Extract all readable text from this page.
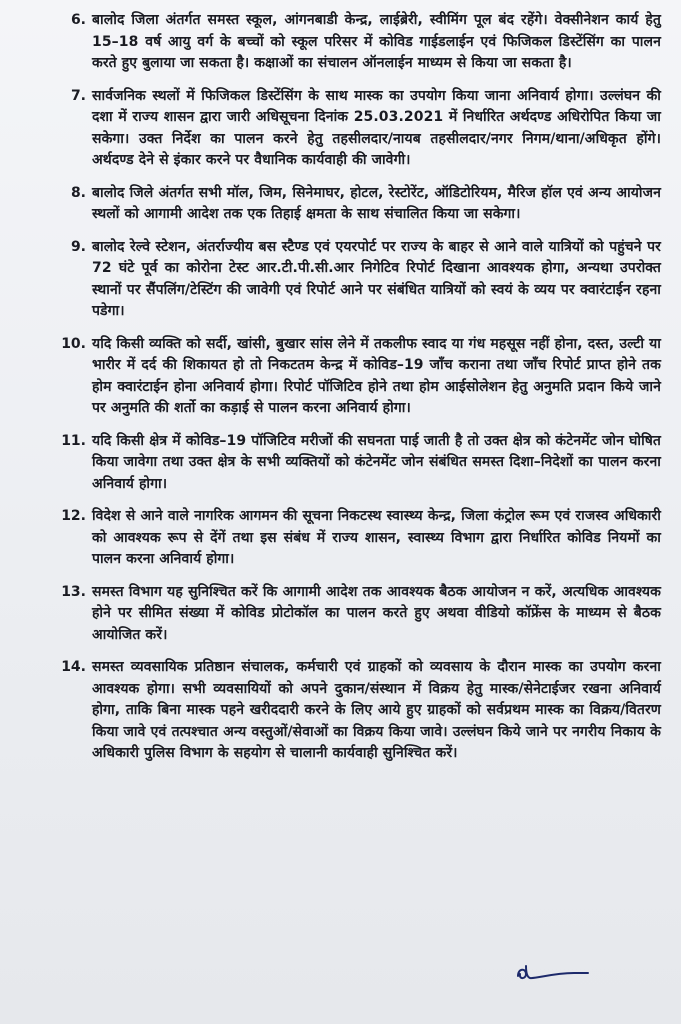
6. बालोद जिला अंतर्गत समस्त स्कूल, आंगनबाडी केन्द्र, लाईब्रेरी, स्वीमिंग पूल बंद रहेंगे। वेक्सीनेशन कार्य हेतु 15–18 वर्ष आयु वर्ग के बच्चों को स्कूल परिसर में कोविड गाईडलाईन एवं फिजिकल डिस्टेंसिंग का पालन करते हुए बुलाया जा सकता है। कक्षाओं का संचालन ऑनलाईन माध्यम से किया जा सकता है।
7. सार्वजनिक स्थलों में फिजिकल डिस्टेंसिंग के साथ मास्क का उपयोग किया जाना अनिवार्य होगा। उल्लंघन की दशा में राज्य शासन द्वारा जारी अधिसूचना दिनांक 25.03.2021 में निर्धारित अर्थदण्ड अधिरोपित किया जा सकेगा। उक्त निर्देश का पालन करने हेतु तहसीलदार/नायब तहसीलदार/नगर निगम/थाना/अधिकृत होंगे। अर्थदण्ड देने से इंकार करने पर वैधानिक कार्यवाही की जावेगी।
8. बालोद जिले अंतर्गत सभी मॉल, जिम, सिनेमाघर, होटल, रेस्टोरेंट, ऑडिटोरियम, मैरिज हॉल एवं अन्य आयोजन स्थलों को आगामी आदेश तक एक तिहाई क्षमता के साथ संचालित किया जा सकेगा।
9. बालोद रेल्वे स्टेशन, अंतर्राज्यीय बस स्टैण्ड एवं एयरपोर्ट पर राज्य के बाहर से आने वाले यात्रियों को पहुंचने पर 72 घंटे पूर्व का कोरोना टेस्ट आर.टी.पी.सी.आर निगेटिव रिपोर्ट दिखाना आवश्यक होगा, अन्यथा उपरोक्त स्थानों पर सैंपलिंग/टेस्टिंग की जावेगी एवं रिपोर्ट आने पर संबंधित यात्रियों को स्वयं के व्यय पर क्वारंटाईन रहना पडेगा।
10. यदि किसी व्यक्ति को सर्दी, खांसी, बुखार सांस लेने में तकलीफ स्वाद या गंध महसूस नहीं होना, दस्त, उल्टी या भारीर में दर्द की शिकायत हो तो निकटतम केन्द्र में कोविड–19 जाँच कराना तथा जाँच रिपोर्ट प्राप्त होने तक होम क्वारंटाईन होना अनिवार्य होगा। रिपोर्ट पॉजिटिव होने तथा होम आईसोलेशन हेतु अनुमति प्रदान किये जाने पर अनुमति की शर्तो का कड़ाई से पालन करना अनिवार्य होगा।
11. यदि किसी क्षेत्र में कोविड–19 पॉजिटिव मरीजों की सघनता पाई जाती है तो उक्त क्षेत्र को कंटेनमेंट जोन घोषित किया जावेगा तथा उक्त क्षेत्र के सभी व्यक्तियों को कंटेनमेंट जोन संबंधित समस्त दिशा–निदेशों का पालन करना अनिवार्य होगा।
12. विदेश से आने वाले नागरिक आगमन की सूचना निकटस्थ स्वास्थ्य केन्द्र, जिला कंट्रोल रूम एवं राजस्व अधिकारी को आवश्यक रूप से देंगें तथा इस संबंध में राज्य शासन, स्वास्थ्य विभाग द्वारा निर्धारित कोविड नियमों का पालन करना अनिवार्य होगा।
13. समस्त विभाग यह सुनिश्चित करें कि आगामी आदेश तक आवश्यक बैठक आयोजन न करें, अत्यधिक आवश्यक होने पर सीमित संख्या में कोविड प्रोटोकॉल का पालन करते हुए अथवा वीडियो कॉफ्रेंस के माध्यम से बैठक आयोजित करें।
14. समस्त व्यवसायिक प्रतिष्ठान संचालक, कर्मचारी एवं ग्राहकों को व्यवसाय के दौरान मास्क का उपयोग करना आवश्यक होगा। सभी व्यवसायियों को अपने दुकान/संस्थान में विक्रय हेतु मास्क/सेनेटाईजर रखना अनिवार्य होगा, ताकि बिना मास्क पहने खरीददारी करने के लिए आये हुए ग्राहकों को सर्वप्रथम मास्क का विक्रय/वितरण किया जावे एवं तत्पश्चात अन्य वस्तुओं/सेवाओं का विक्रय किया जावे। उल्लंघन किये जाने पर नगरीय निकाय के अधिकारी पुलिस विभाग के सहयोग से चालानी कार्यवाही सुनिश्चित करें।
